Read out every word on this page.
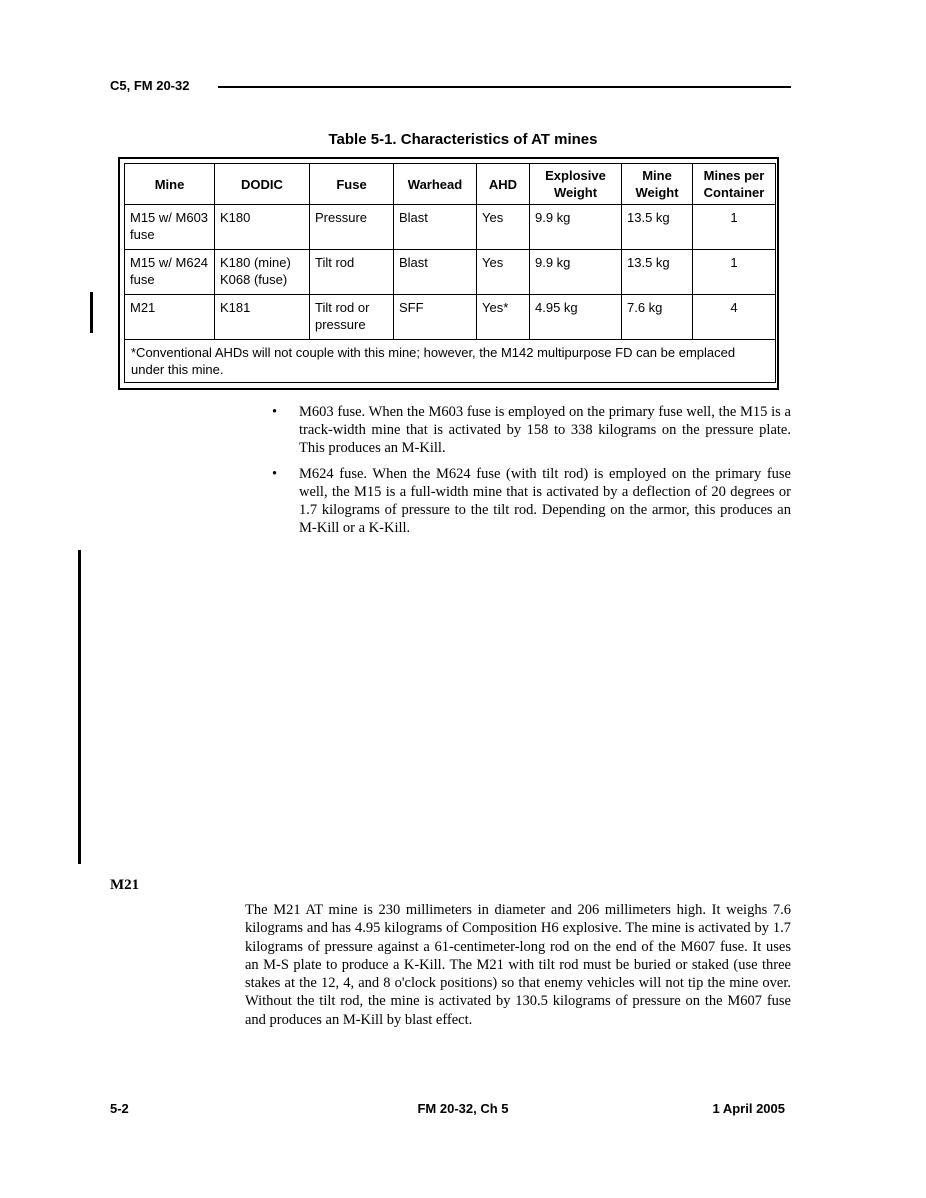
C5, FM 20-32
Table 5-1. Characteristics of AT mines
Mine	DODIC	Fuse	Warhead	AHD	Explosive Weight	Mine Weight	Mines per Container
M15 w/ M603 fuse	K180	Pressure	Blast	Yes	9.9 kg	13.5 kg	1
M15 w/ M624 fuse	K180 (mine) K068 (fuse)	Tilt rod	Blast	Yes	9.9 kg	13.5 kg	1
M21	K181	Tilt rod or pressure	SFF	Yes*	4.95 kg	7.6 kg	4
*Conventional AHDs will not couple with this mine; however, the M142 multipurpose FD can be emplaced under this mine.							
• M603 fuse. When the M603 fuse is employed on the primary fuse well, the M15 is a track-width mine that is activated by 158 to 338 kilograms on the pressure plate. This produces an M-Kill.
• M624 fuse. When the M624 fuse (with tilt rod) is employed on the primary fuse well, the M15 is a full-width mine that is activated by a deflection of 20 degrees or 1.7 kilograms of pressure to the tilt rod. Depending on the armor, this produces an M-Kill or a K-Kill.
M21
The M21 AT mine is 230 millimeters in diameter and 206 millimeters high. It weighs 7.6 kilograms and has 4.95 kilograms of Composition H6 explosive. The mine is activated by 1.7 kilograms of pressure against a 61-centimeter-long rod on the end of the M607 fuse. It uses an M-S plate to produce a K-Kill. The M21 with tilt rod must be buried or staked (use three stakes at the 12, 4, and 8 o'clock positions) so that enemy vehicles will not tip the mine over. Without the tilt rod, the mine is activated by 130.5 kilograms of pressure on the M607 fuse and produces an M-Kill by blast effect.
5-2	FM 20-32, Ch 5	1 April 2005
